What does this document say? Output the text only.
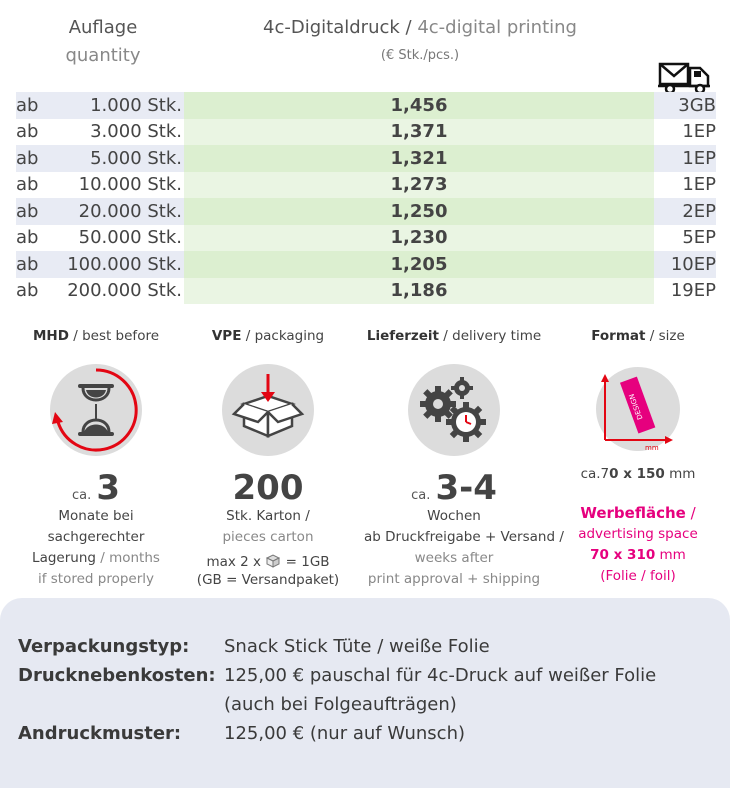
Auflage
quantity
4c-Digitaldruck / 4c-digital printing
(€ Stk./pcs.)
ab	1.000 Stk.	1,456	3GB
ab	3.000 Stk.	1,371	1EP
ab	5.000 Stk.	1,321	1EP
ab	10.000 Stk.	1,273	1EP
ab	20.000 Stk.	1,250	2EP
ab	50.000 Stk.	1,230	5EP
ab	100.000 Stk.	1,205	10EP
ab	200.000 Stk.	1,186	19EP
MHD / best before
ca. 3
Monate bei
sachgerechter
Lagerung / months
if stored properly
VPE / packaging
200
Stk. Karton /
pieces carton
max 2 x = 1GB
(GB = Versandpaket)
Lieferzeit / delivery time
ca. 3-4
Wochen
ab Druckfreigabe + Versand /
weeks after
print approval + shipping
Format / size
DESIGN
mm
ca.70 x 150 mm
Werbefläche /
advertising space
70 x 310 mm
(Folie / foil)
Verpackungstyp: Snack Stick Tüte / weiße Folie
Drucknebenkosten: 125,00 € pauschal für 4c-Druck auf weißer Folie
(auch bei Folgeaufträgen)
Andruckmuster: 125,00 € (nur auf Wunsch)
